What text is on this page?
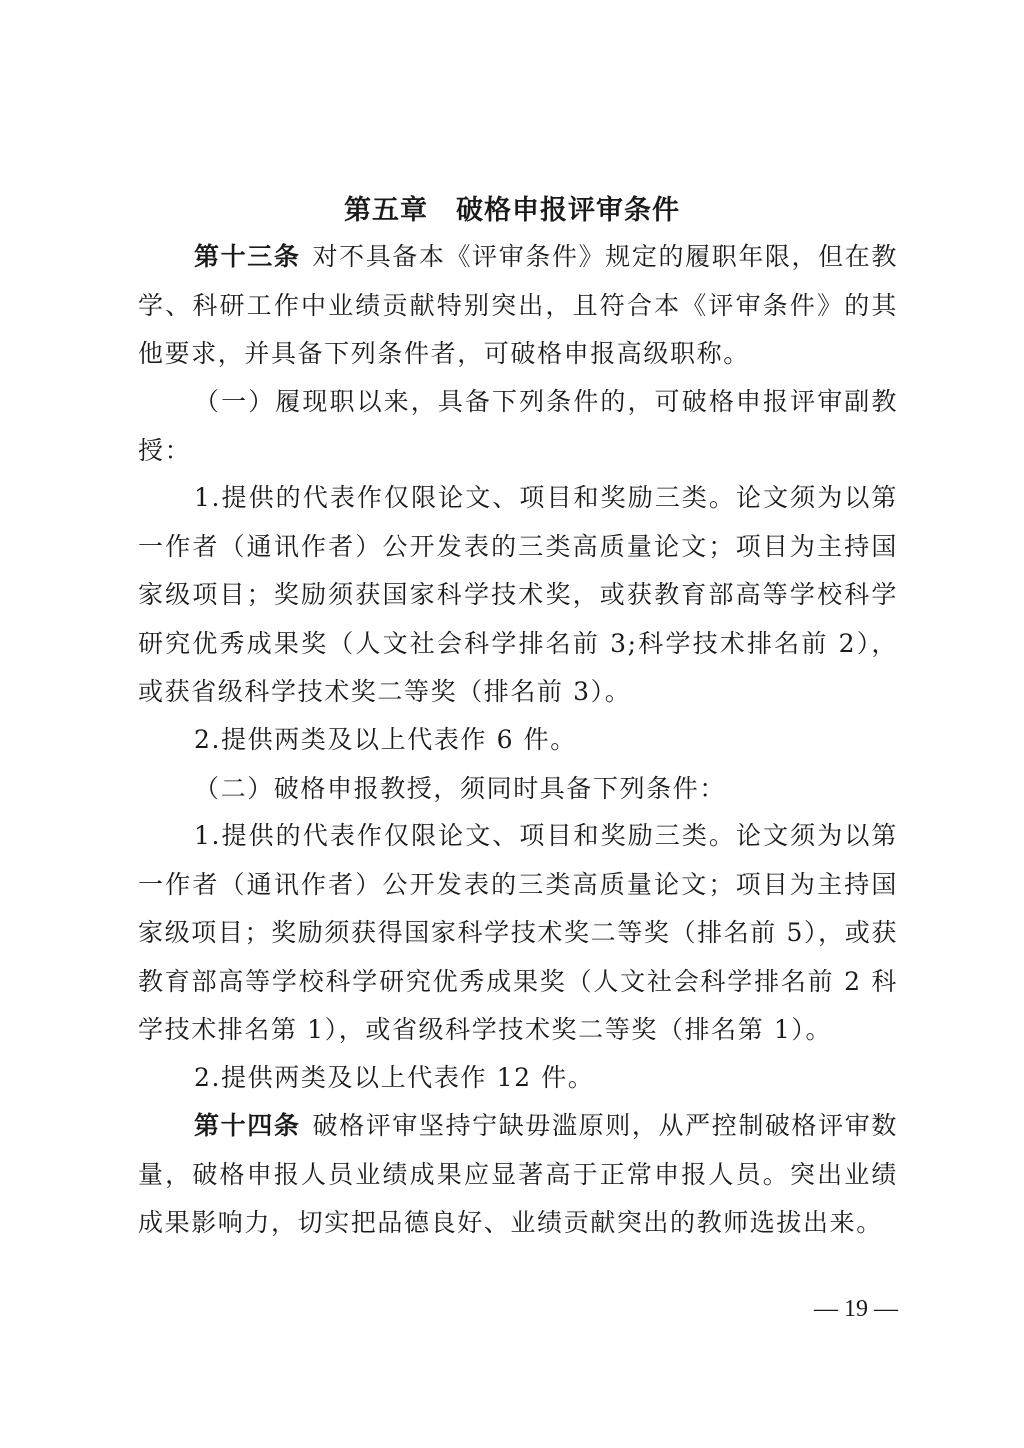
第五章　破格申报评审条件

第十三条 对不具备本《评审条件》规定的履职年限，但在教学、科研工作中业绩贡献特别突出，且符合本《评审条件》的其他要求，并具备下列条件者，可破格申报高级职称。

（一）履现职以来，具备下列条件的，可破格申报评审副教授：

1.提供的代表作仅限论文、项目和奖励三类。论文须为以第一作者（通讯作者）公开发表的三类高质量论文；项目为主持国家级项目；奖励须获国家科学技术奖，或获教育部高等学校科学研究优秀成果奖（人文社会科学排名前 3;科学技术排名前 2），或获省级科学技术奖二等奖（排名前 3）。

2.提供两类及以上代表作 6 件。

（二）破格申报教授，须同时具备下列条件：

1.提供的代表作仅限论文、项目和奖励三类。论文须为以第一作者（通讯作者）公开发表的三类高质量论文；项目为主持国家级项目；奖励须获得国家科学技术奖二等奖（排名前 5），或获教育部高等学校科学研究优秀成果奖（人文社会科学排名前 2 科学技术排名第 1），或省级科学技术奖二等奖（排名第 1）。

2.提供两类及以上代表作 12 件。

第十四条 破格评审坚持宁缺毋滥原则，从严控制破格评审数量，破格申报人员业绩成果应显著高于正常申报人员。突出业绩成果影响力，切实把品德良好、业绩贡献突出的教师选拔出来。

— 19 —
